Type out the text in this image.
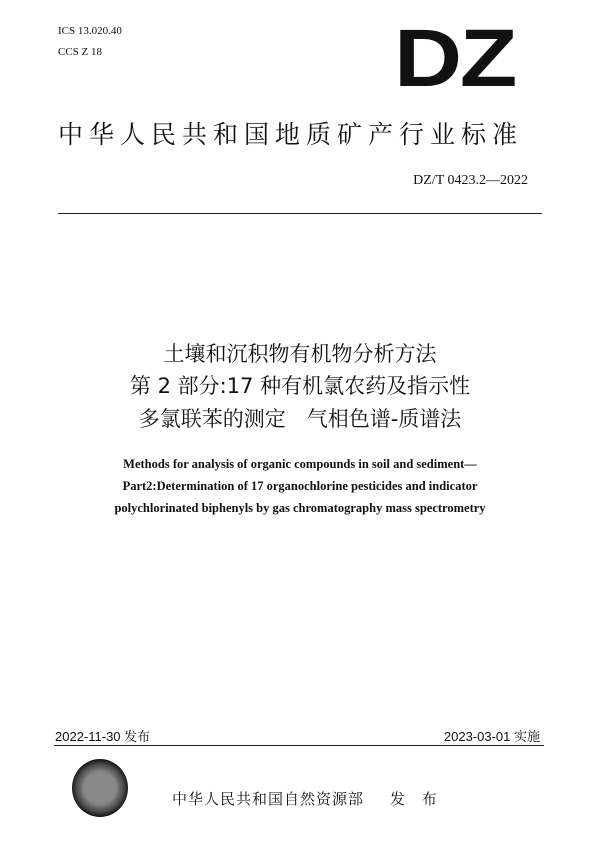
ICS 13.020.40
CCS Z 18	DZ
中华人民共和国地质矿产行业标准
DZ/T 0423.2—2022
土壤和沉积物有机物分析方法
第 2 部分:17 种有机氯农药及指示性
多氯联苯的测定　气相色谱-质谱法
Methods for analysis of organic compounds in soil and sediment—
Part2:Determination of 17 organochlorine pesticides and indicator
polychlorinated biphenyls by gas chromatography mass spectrometry
2022-11-30 发布	2023-03-01 实施
中华人民共和国自然资源部 发 布
